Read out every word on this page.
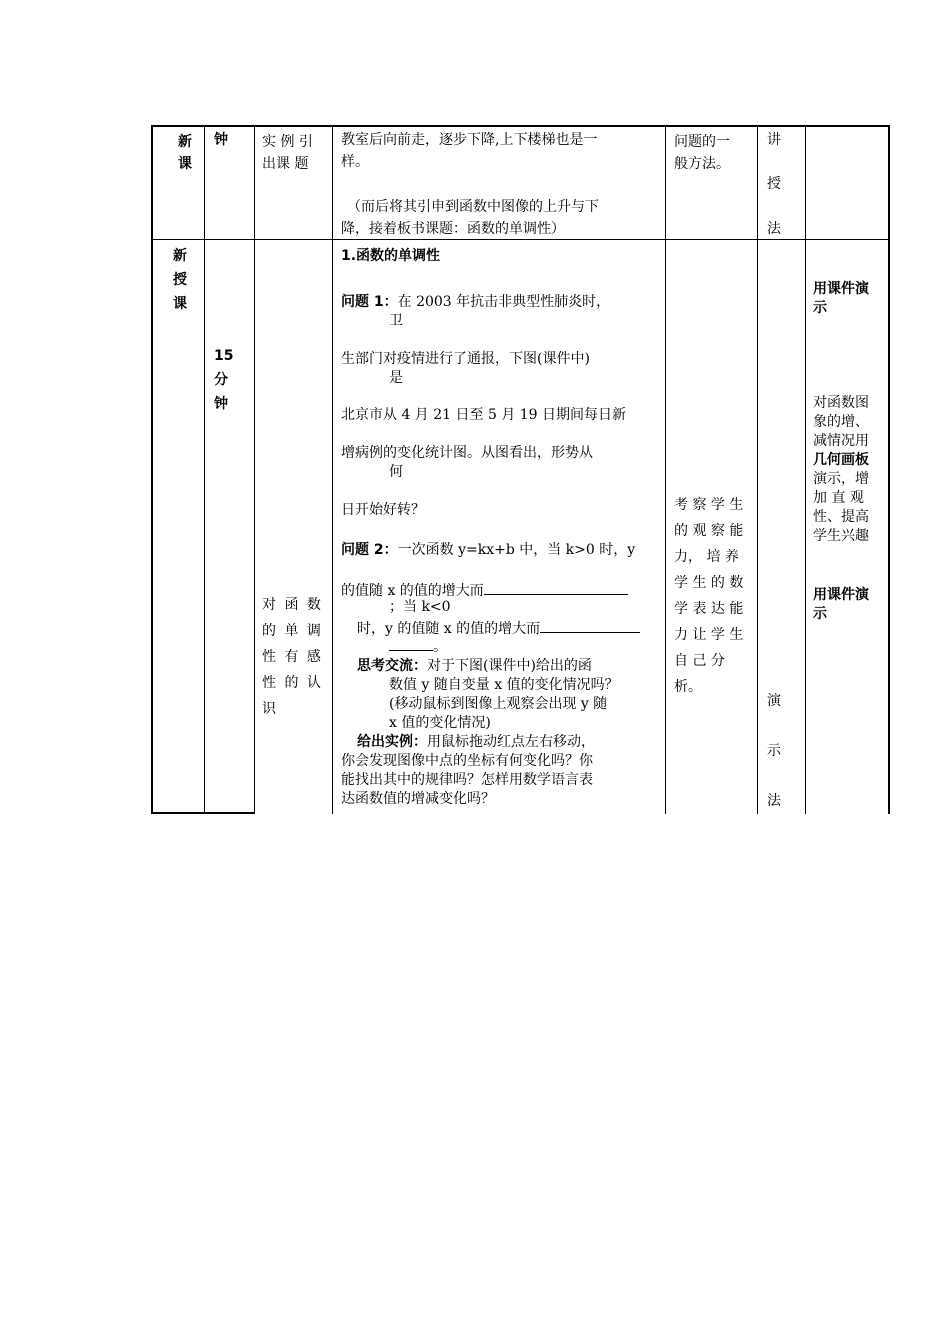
新
课
钟 实 例 引
出课 题
教室后向前走，逐步下降,上下楼梯也是一
样。
（而后将其引申到函数中图像的上升与下
降，接着板书课题：函数的单调性）
问题的一
般方法。
讲
授
法
新
授
课
15
分
钟
对 函 数
的 单 调
性 有 感
性 的 认
识
1.函数的单调性
问题 1：在 2003 年抗击非典型性肺炎时，
卫
生部门对疫情进行了通报，下图(课件中)
是
北京市从 4 月 21 日至 5 月 19 日期间每日新
增病例的变化统计图。从图看出，形势从
何
日开始好转？
问题 2：一次函数 y=kx+b 中，当 k>0 时，y
的值随 x 的值的增大而
；当 k<0
时，y 的值随 x 的值的增大而
。
思考交流：对于下图(课件中)给出的函
数值 y 随自变量 x 值的变化情况吗？
(移动鼠标到图像上观察会出现 y 随
x 值的变化情况)
给出实例：用鼠标拖动红点左右移动，
你会发现图像中点的坐标有何变化吗？你
能找出其中的规律吗？怎样用数学语言表
达函数值的增减变化吗？
考 察 学 生
的 观 察 能
力， 培 养
学 生 的 数
学 表 达 能
力 让 学 生
自 己 分
析。
演
示
法
用课件演
示

对函数图
象的增、
减情况用
几何画板
演示，增
加 直 观
性、提高
学生兴趣

用课件演
示
